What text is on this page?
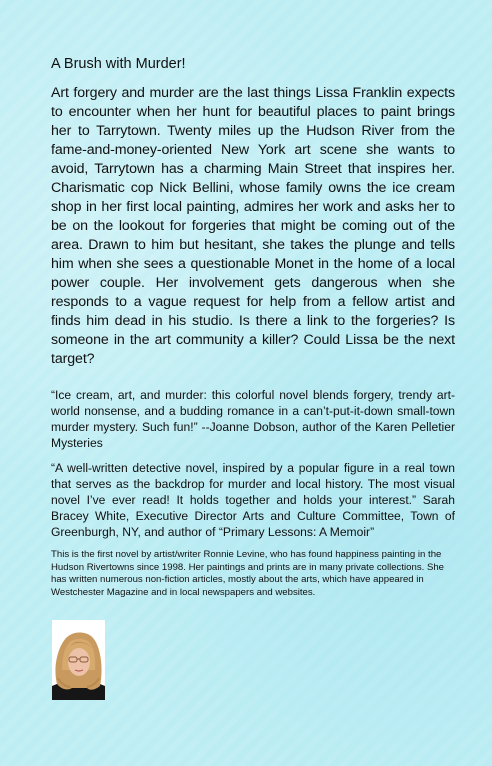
A Brush with Murder!

Art forgery and murder are the last things Lissa Franklin expects to encounter when her hunt for beautiful places to paint brings her to Tarrytown. Twenty miles up the Hudson River from the fame-and-money-oriented New York art scene she wants to avoid, Tarrytown has a charming Main Street that inspires her. Charismatic cop Nick Bellini, whose family owns the ice cream shop in her first local painting, admires her work and asks her to be on the lookout for forgeries that might be coming out of the area. Drawn to him but hesitant, she takes the plunge and tells him when she sees a questionable Monet in the home of a local power couple. Her involvement gets dangerous when she responds to a vague request for help from a fellow artist and finds him dead in his studio. Is there a link to the forgeries? Is someone in the art community a killer? Could Lissa be the next target?

“Ice cream, art, and murder: this colorful novel blends forgery, trendy art-world nonsense, and a budding romance in a can’t-put-it-down small-town murder mystery. Such fun!” --Joanne Dobson, author of the Karen Pelletier Mysteries

“A well-written detective novel, inspired by a popular figure in a real town that serves as the backdrop for murder and local history. The most visual novel I’ve ever read! It holds together and holds your interest.” Sarah Bracey White, Executive Director Arts and Culture Committee, Town of Greenburgh, NY, and author of “Primary Lessons: A Memoir”

This is the first novel by artist/writer Ronnie Levine, who has found happiness painting in the Hudson Rivertowns since 1998. Her paintings and prints are in many private collections. She has written numerous non-fiction articles, mostly about the arts, which have appeared in Westchester Magazine and in local newspapers and websites.
